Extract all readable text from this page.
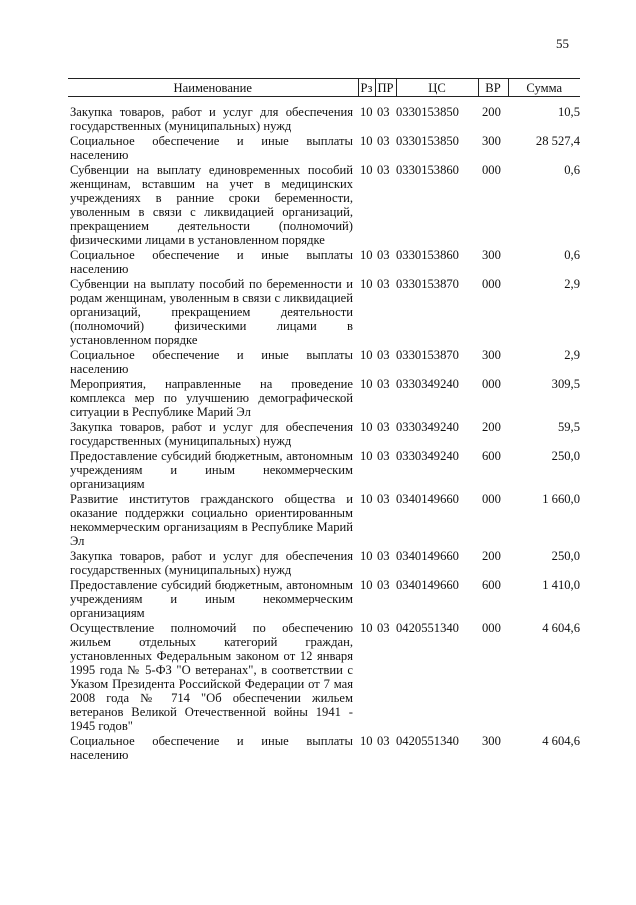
55
Наименование	Рз	ПР	ЦС	ВР	Сумма
Закупка товаров, работ и услуг для обеспечения государственных (муниципальных) нужд	10	03	0330153850	200	10,5
Социальное обеспечение и иные выплаты населению	10	03	0330153850	300	28 527,4
Субвенции на выплату единовременных пособий женщинам, вставшим на учет в медицинских учреждениях в ранние сроки беременности, уволенным в связи с ликвидацией организаций, прекращением деятельности (полномочий) физическими лицами в установленном порядке	10	03	0330153860	000	0,6
Социальное обеспечение и иные выплаты населению	10	03	0330153860	300	0,6
Субвенции на выплату пособий по беременности и родам женщинам, уволенным в связи с ликвидацией организаций, прекращением деятельности (полномочий) физическими лицами в установленном порядке	10	03	0330153870	000	2,9
Социальное обеспечение и иные выплаты населению	10	03	0330153870	300	2,9
Мероприятия, направленные на проведение комплекса мер по улучшению демографической ситуации в Республике Марий Эл	10	03	0330349240	000	309,5
Закупка товаров, работ и услуг для обеспечения государственных (муниципальных) нужд	10	03	0330349240	200	59,5
Предоставление субсидий бюджетным, автономным учреждениям и иным некоммерческим организациям	10	03	0330349240	600	250,0
Развитие институтов гражданского общества и оказание поддержки социально ориентированным некоммерческим организациям в Республике Марий Эл	10	03	0340149660	000	1 660,0
Закупка товаров, работ и услуг для обеспечения государственных (муниципальных) нужд	10	03	0340149660	200	250,0
Предоставление субсидий бюджетным, автономным учреждениям и иным некоммерческим организациям	10	03	0340149660	600	1 410,0
Осуществление полномочий по обеспечению жильем отдельных категорий граждан, установленных Федеральным законом от 12 января 1995 года № 5-ФЗ "О ветеранах", в соответствии с Указом Президента Российской Федерации от 7 мая 2008 года № 714 "Об обеспечении жильем ветеранов Великой Отечественной войны 1941 - 1945 годов"	10	03	0420551340	000	4 604,6
Социальное обеспечение и иные выплаты населению	10	03	0420551340	300	4 604,6
